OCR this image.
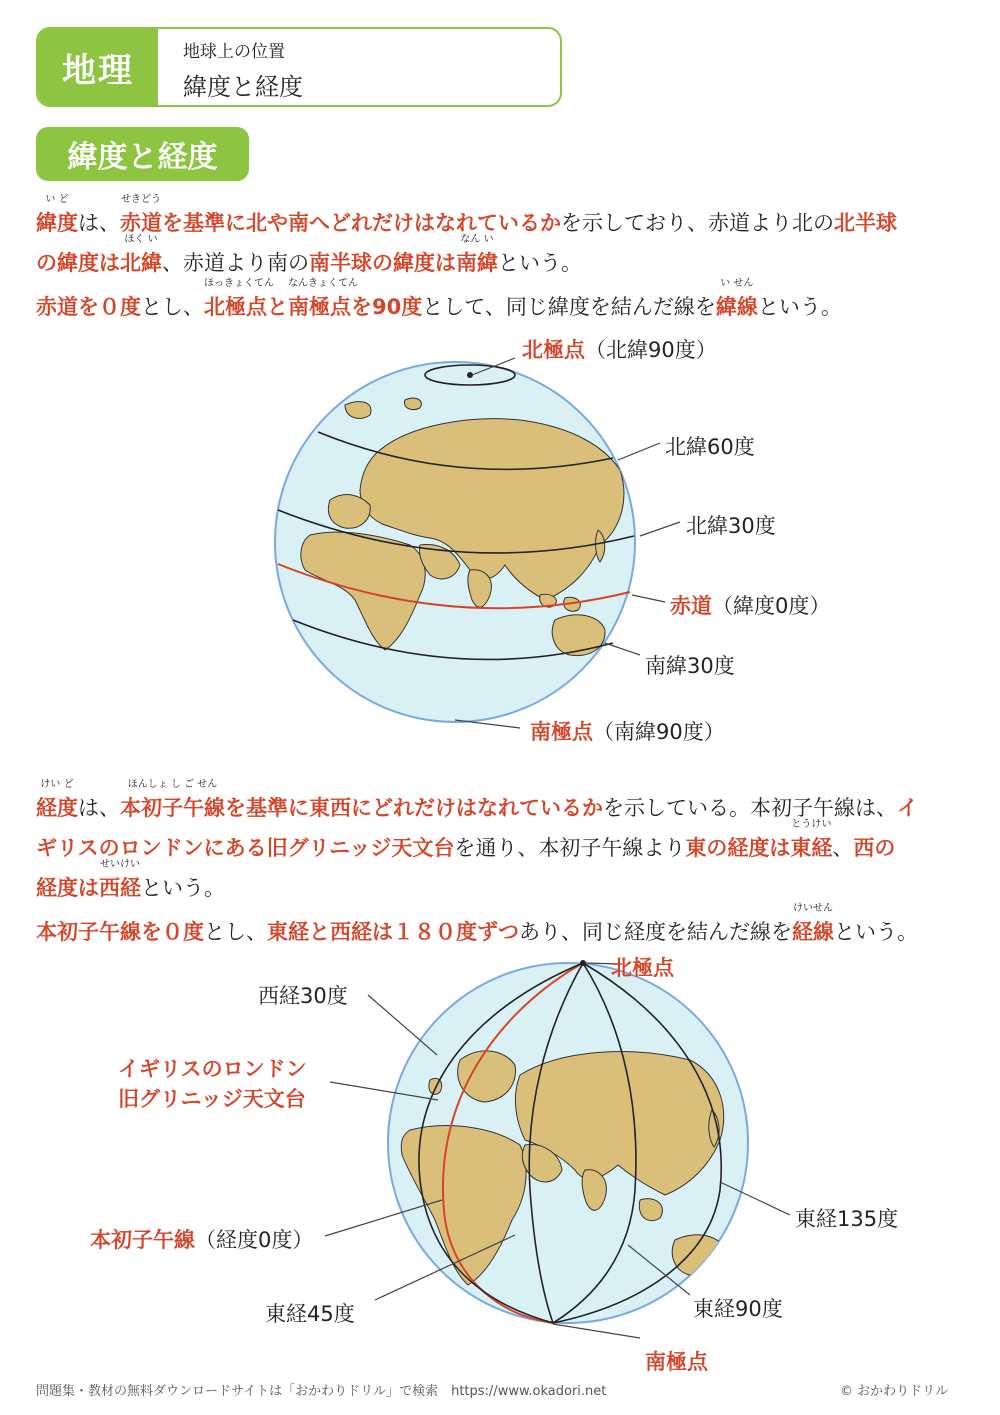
地理	地球上の位置
緯度と経度
緯度と経度
緯度
い ど
は、赤道
せきどう
を基準に北や南へどれだけはなれているかを示しており、赤道より北の北半球
の緯度は北緯
ほく い
、赤道より南の南半球の緯度は南緯
なん い
という。
赤道を０度とし、北極点
ほっきょくてん
と南極点
なんきょくてん
を90度として、同じ緯度を結んだ線を緯線
い せん
という。
北極点（北緯90度）
北緯60度
北緯30度
赤道（緯度0度）
南緯30度
南極点（南緯90度）
経度
けい ど
は、本初子午線
ほんしょ し ご せん
を基準に東西にどれだけはなれているかを示している。本初子午線は、イ
ギリスのロンドンにある旧グリニッジ天文台を通り、本初子午線より東の経度は東経
とうけい
、西の
経度は西経
せいけい
という。
本初子午線を０度とし、東経と西経は１８０度ずつあり、同じ経度を結んだ線を経線
けいせん
という。
北極点
西経30度
イギリスのロンドン
旧グリニッジ天文台
本初子午線（経度0度）
東経45度	東経90度
東経135度
南極点
問題集・教材の無料ダウンロードサイトは「おかわりドリル」で検索　https://www.okadori.net	© おかわりドリル
